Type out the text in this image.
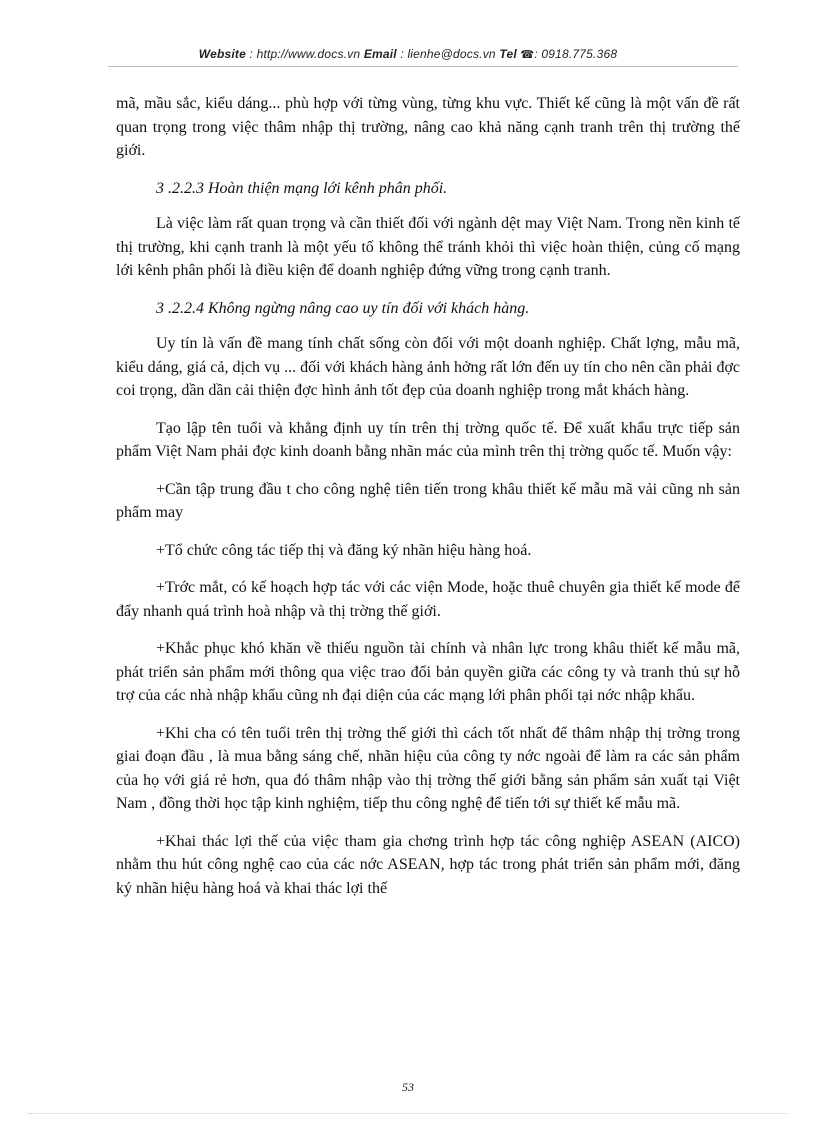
Website : http://www.docs.vn Email : lienhe@docs.vn Tel ☎: 0918.775.368

mã, mầu sắc, kiểu dáng... phù hợp với từng vùng, từng khu vực. Thiết kế cũng là một vấn đề rất quan trọng trong việc thâm nhập thị trường, nâng cao khả năng cạnh tranh trên thị trường thế giới.

3 .2.2.3 Hoàn thiện mạng lới kênh phân phối.

Là việc làm rất quan trọng và cần thiết đối với ngành dệt may Việt Nam. Trong nền kinh tế thị trường, khi cạnh tranh là một yếu tố không thể tránh khỏi thì việc hoàn thiện, củng cố mạng lới kênh phân phối là điều kiện để doanh nghiệp đứng vững trong cạnh tranh.

3 .2.2.4 Không ngừng nâng cao uy tín đối với khách hàng.

Uy tín là vấn đề mang tính chất sống còn đối với một doanh nghiệp. Chất lợng, mẫu mã, kiểu dáng, giá cả, dịch vụ ... đối với khách hàng ảnh hởng rất lớn đến uy tín cho nên cần phải đợc coi trọng, dần dần cải thiện đợc hình ảnh tốt đẹp của doanh nghiệp trong mắt khách hàng.

Tạo lập tên tuổi và khẳng định uy tín trên thị trờng quốc tế. Để xuất khẩu trực tiếp sản phẩm Việt Nam phải đợc kinh doanh bằng nhãn mác của mình trên thị trờng quốc tế. Muốn vậy:

+Cần tập trung đầu t cho công nghệ tiên tiến trong khâu thiết kế mẫu mã vải cũng nh sản phẩm may

+Tổ chức công tác tiếp thị và đăng ký nhãn hiệu hàng hoá.

+Trớc mắt, có kế hoạch hợp tác với các viện Mode, hoặc thuê chuyên gia thiết kế mode để đẩy nhanh quá trình hoà nhập và thị trờng thế giới.

+Khắc phục khó khăn về thiếu nguồn tài chính và nhân lực trong khâu thiết kế mẫu mã, phát triển sản phẩm mới thông qua việc trao đổi bản quyền giữa các công ty và tranh thủ sự hỗ trợ của các nhà nhập khẩu cũng nh đại diện của các mạng lới phân phối tại nớc nhập khẩu.

+Khi cha có tên tuổi trên thị trờng thế giới thì cách tốt nhất để thâm nhập thị trờng trong giai đoạn đầu , là mua bằng sáng chế, nhãn hiệu của công ty nớc ngoài để làm ra các sản phẩm của họ với giá rẻ hơn, qua đó thâm nhập vào thị trờng thế giới bằng sản phẩm sản xuất tại Việt Nam , đồng thời học tập kinh nghiệm, tiếp thu công nghệ để tiến tới sự thiết kế mẫu mã.

+Khai thác lợi thế của việc tham gia chơng trình hợp tác công nghiệp ASEAN (AICO) nhằm thu hút công nghệ cao của các nớc ASEAN, hợp tác trong phát triển sản phẩm mới, đăng ký nhãn hiệu hàng hoá và khai thác lợi thế

53
